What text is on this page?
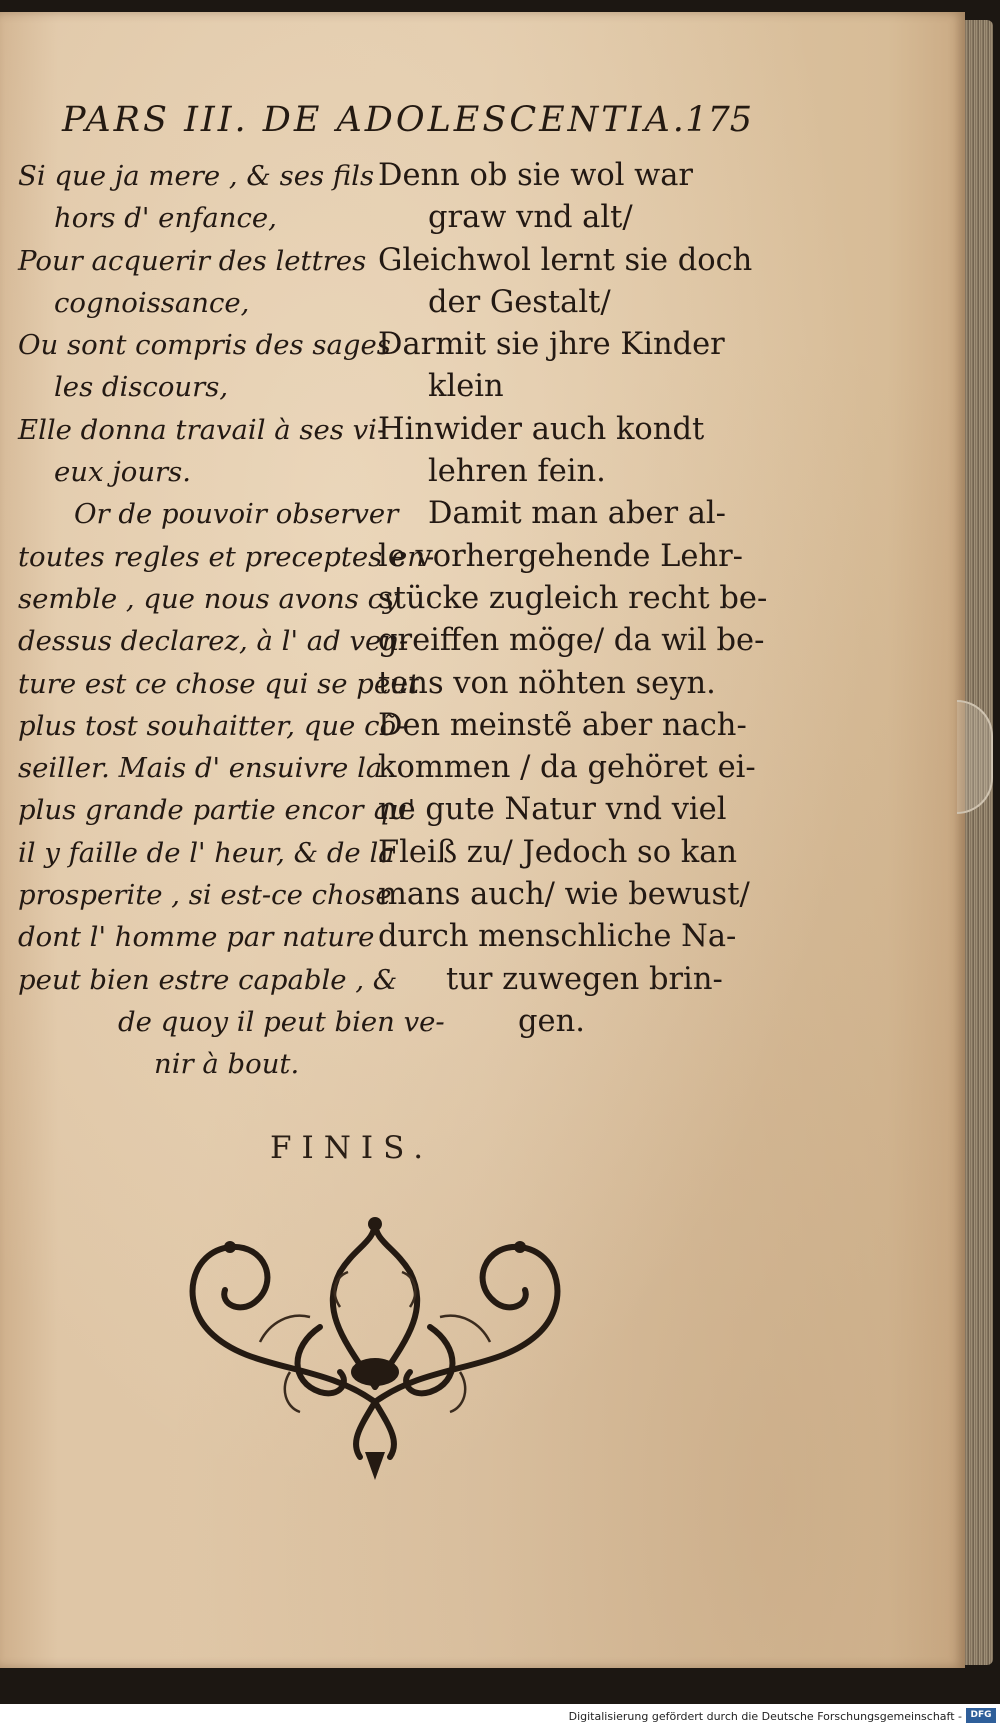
PARS III. DE ADOLESCENTIA.
175
Si que ja mere , & ses fils
hors d' enfance,
Pour acquerir des lettres
cognoissance,
Ou sont compris des sages
les discours,
Elle donna travail à ses vi-
eux jours.
Or de pouvoir observer
toutes regles et preceptes en-
semble , que nous avons cy
dessus declarez, à l' ad ven-
ture est ce chose qui se peut
plus tost souhaitter, que cõ-
seiller. Mais d' ensuivre la
plus grande partie encor qu'
il y faille de l' heur, & de la
prosperite , si est-ce chose
dont l' homme par nature
peut bien estre capable , &
de quoy il peut bien ve-
nir à bout.
Denn ob sie wol war
graw vnd alt/
Gleichwol lernt sie doch
der Gestalt/
Darmit sie jhre Kinder
klein
Hinwider auch kondt
lehren fein.
Damit man aber al-
le vorhergehende Lehr-
stücke zugleich recht be-
greiffen möge/ da wil be-
tens von nöhten seyn.
Den meinstẽ aber nach-
kommen / da gehöret ei-
ne gute Natur vnd viel
Fleiß zu/ Jedoch so kan
mans auch/ wie bewust/
durch menschliche Na-
tur zuwegen brin-
gen.
FINIS.
Digitalisierung gefördert durch die Deutsche Forschungsgemeinschaft - DFG
